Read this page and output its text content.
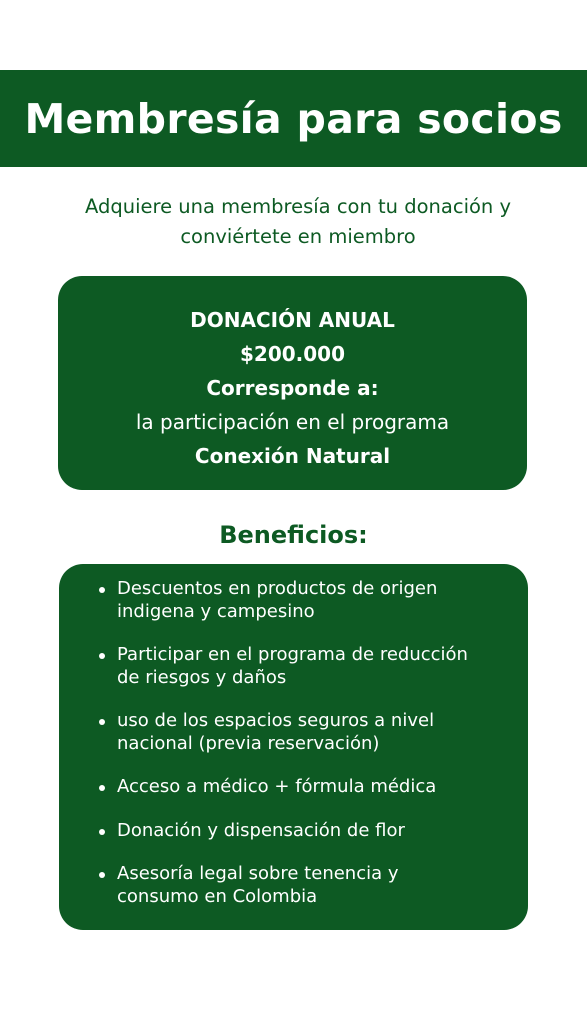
Membresía para socios

Adquiere una membresía con tu donación y
conviértete en miembro

DONACIÓN ANUAL
$200.000
Corresponde a:
la participación en el programa
Conexión Natural
Beneficios:
Descuentos en productos de origen
indigena y campesino
Participar en el programa de reducción
de riesgos y daños
uso de los espacios seguros a nivel
nacional (previa reservación)
Acceso a médico + fórmula médica
Donación y dispensación de flor
Asesoría legal sobre tenencia y
consumo en Colombia
